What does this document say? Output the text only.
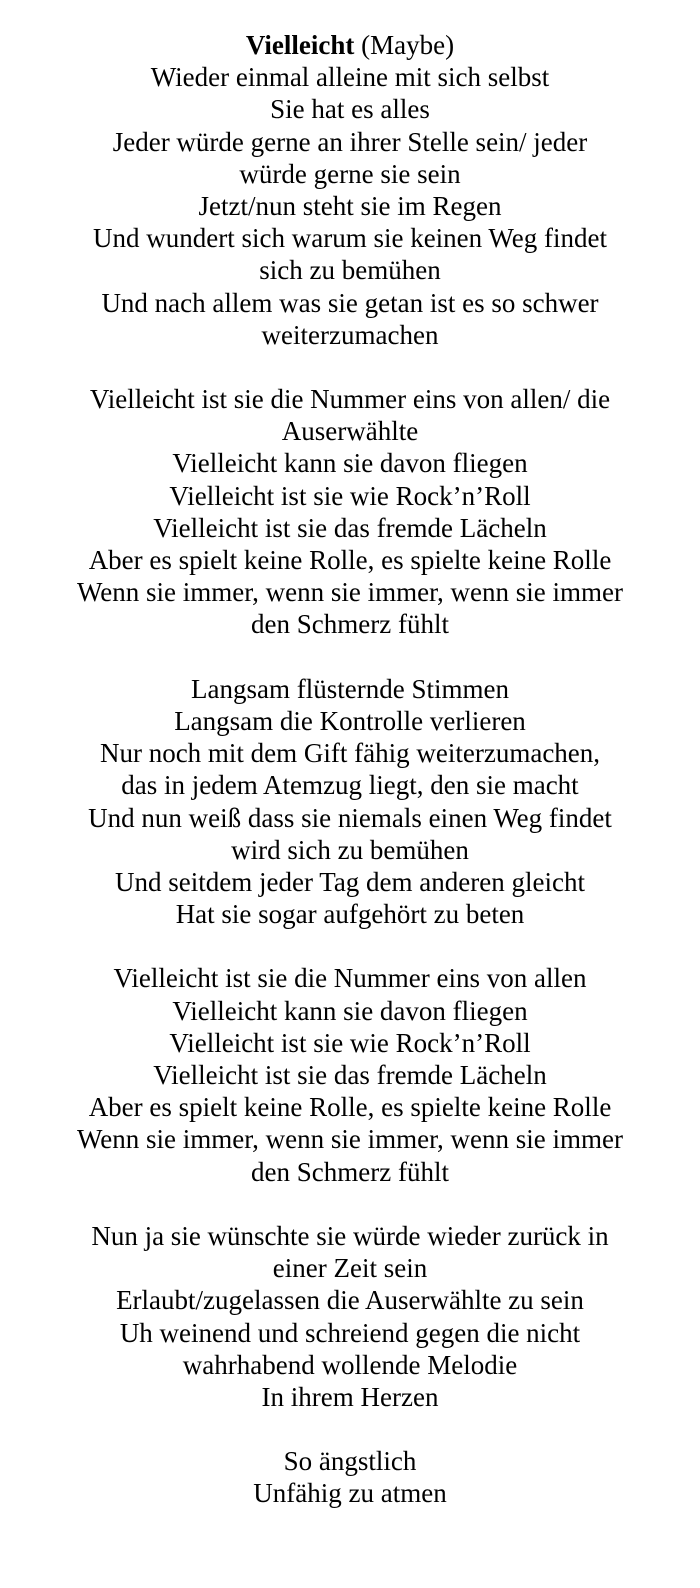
Vielleicht (Maybe)
Wieder einmal alleine mit sich selbst
Sie hat es alles
Jeder würde gerne an ihrer Stelle sein/ jeder
würde gerne sie sein
Jetzt/nun steht sie im Regen
Und wundert sich warum sie keinen Weg findet
sich zu bemühen
Und nach allem was sie getan ist es so schwer
weiterzumachen
Vielleicht ist sie die Nummer eins von allen/ die
Auserwählte
Vielleicht kann sie davon fliegen
Vielleicht ist sie wie Rock’n’Roll
Vielleicht ist sie das fremde Lächeln
Aber es spielt keine Rolle, es spielte keine Rolle
Wenn sie immer, wenn sie immer, wenn sie immer
den Schmerz fühlt
Langsam flüsternde Stimmen
Langsam die Kontrolle verlieren
Nur noch mit dem Gift fähig weiterzumachen,
das in jedem Atemzug liegt, den sie macht
Und nun weiß dass sie niemals einen Weg findet
wird sich zu bemühen
Und seitdem jeder Tag dem anderen gleicht
Hat sie sogar aufgehört zu beten
Vielleicht ist sie die Nummer eins von allen
Vielleicht kann sie davon fliegen
Vielleicht ist sie wie Rock’n’Roll
Vielleicht ist sie das fremde Lächeln
Aber es spielt keine Rolle, es spielte keine Rolle
Wenn sie immer, wenn sie immer, wenn sie immer
den Schmerz fühlt
Nun ja sie wünschte sie würde wieder zurück in
einer Zeit sein
Erlaubt/zugelassen die Auserwählte zu sein
Uh weinend und schreiend gegen die nicht
wahrhabend wollende Melodie
In ihrem Herzen
So ängstlich
Unfähig zu atmen
